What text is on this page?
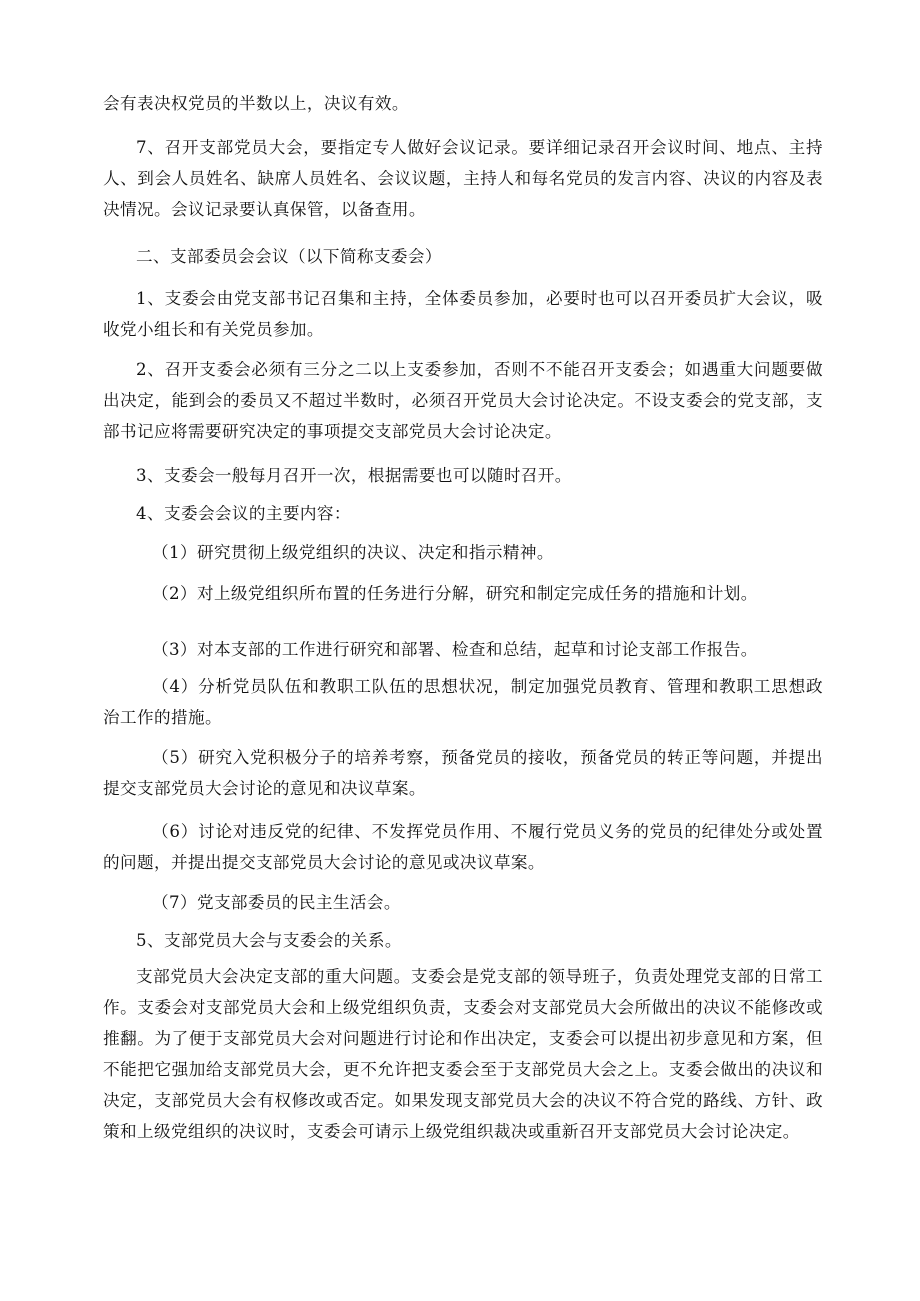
会有表决权党员的半数以上，决议有效。

7、召开支部党员大会，要指定专人做好会议记录。要详细记录召开会议时间、地点、主持人、到会人员姓名、缺席人员姓名、会议议题，主持人和每名党员的发言内容、决议的内容及表决情况。会议记录要认真保管，以备查用。

二、支部委员会会议（以下简称支委会）

1、支委会由党支部书记召集和主持，全体委员参加，必要时也可以召开委员扩大会议，吸收党小组长和有关党员参加。

2、召开支委会必须有三分之二以上支委参加，否则不不能召开支委会；如遇重大问题要做出决定，能到会的委员又不超过半数时，必须召开党员大会讨论决定。不设支委会的党支部，支部书记应将需要研究决定的事项提交支部党员大会讨论决定。

3、支委会一般每月召开一次，根据需要也可以随时召开。

4、支委会会议的主要内容：

（1）研究贯彻上级党组织的决议、决定和指示精神。

（2）对上级党组织所布置的任务进行分解，研究和制定完成任务的措施和计划。

（3）对本支部的工作进行研究和部署、检查和总结，起草和讨论支部工作报告。

（4）分析党员队伍和教职工队伍的思想状况，制定加强党员教育、管理和教职工思想政治工作的措施。

（5）研究入党积极分子的培养考察，预备党员的接收，预备党员的转正等问题，并提出提交支部党员大会讨论的意见和决议草案。

（6）讨论对违反党的纪律、不发挥党员作用、不履行党员义务的党员的纪律处分或处置的问题，并提出提交支部党员大会讨论的意见或决议草案。

（7）党支部委员的民主生活会。

5、支部党员大会与支委会的关系。

支部党员大会决定支部的重大问题。支委会是党支部的领导班子，负责处理党支部的日常工作。支委会对支部党员大会和上级党组织负责，支委会对支部党员大会所做出的决议不能修改或推翻。为了便于支部党员大会对问题进行讨论和作出决定，支委会可以提出初步意见和方案，但不能把它强加给支部党员大会，更不允许把支委会至于支部党员大会之上。支委会做出的决议和决定，支部党员大会有权修改或否定。如果发现支部党员大会的决议不符合党的路线、方针、政策和上级党组织的决议时，支委会可请示上级党组织裁决或重新召开支部党员大会讨论决定。
